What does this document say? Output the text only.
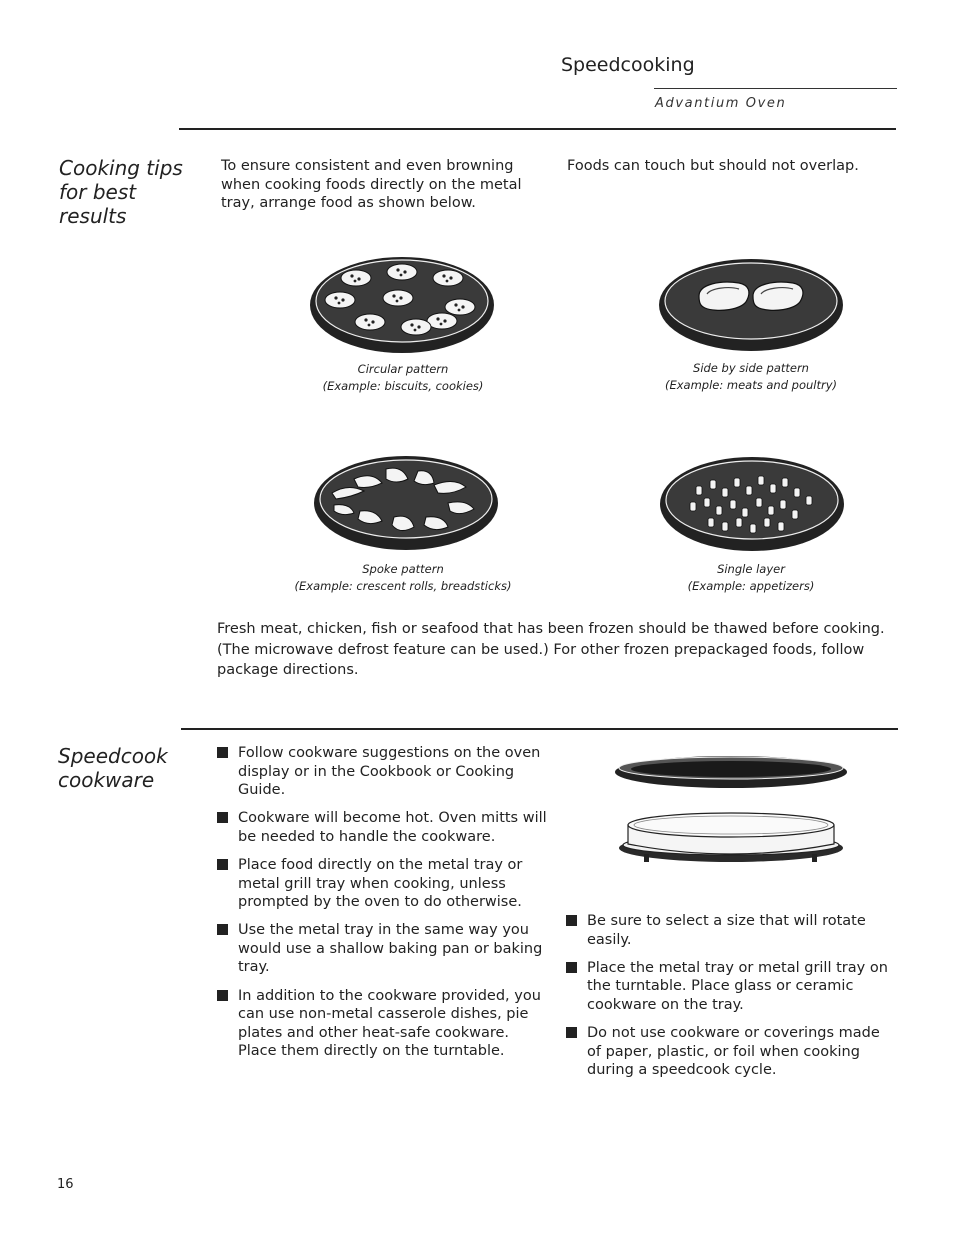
Speedcooking
Advantium Oven
Cooking tips for best results
To ensure consistent and even browning when cooking foods directly on the metal tray, arrange food as shown below.
Foods can touch but should not overlap.
Circular pattern
(Example: biscuits, cookies)
Side by side pattern
(Example: meats and poultry)
Spoke pattern
(Example: crescent rolls, breadsticks)
Single layer
(Example: appetizers)
Fresh meat, chicken, fish or seafood that has been frozen should be thawed before cooking. (The microwave defrost feature can be used.) For other frozen prepackaged foods, follow package directions.
Speedcook cookware
Follow cookware suggestions on the oven display or in the Cookbook or Cooking Guide.
Cookware will become hot. Oven mitts will be needed to handle the cookware.
Place food directly on the metal tray or metal grill tray when cooking, unless prompted by the oven to do otherwise.
Use the metal tray in the same way you would use a shallow baking pan or baking tray.
In addition to the cookware provided, you can use non-metal casserole dishes, pie plates and other heat-safe cookware. Place them directly on the turntable.
Be sure to select a size that will rotate easily.
Place the metal tray or metal grill tray on the turntable. Place glass or ceramic cookware on the tray.
Do not use cookware or coverings made of paper, plastic, or foil when cooking during a speedcook cycle.
16
